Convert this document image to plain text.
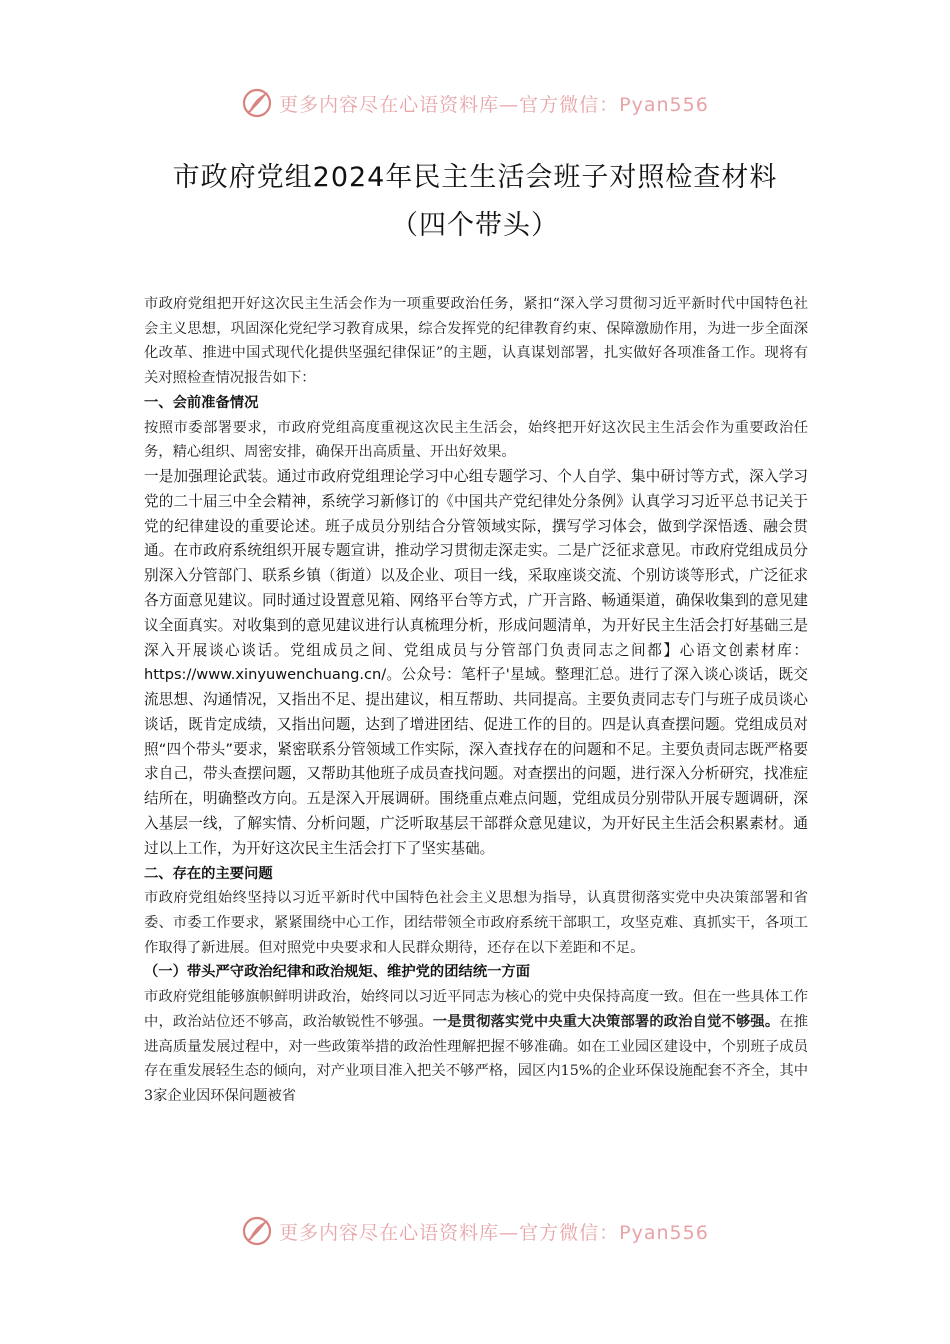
更多内容尽在心语资料库—官方微信：Pyan556
市政府党组2024年民主生活会班子对照检查材料
（四个带头）

市政府党组把开好这次民主生活会作为一项重要政治任务，紧扣“深入学习贯彻习近平新时代中国特色社会主义思想，巩固深化党纪学习教育成果，综合发挥党的纪律教育约束、保障激励作用，为进一步全面深化改革、推进中国式现代化提供坚强纪律保证”的主题，认真谋划部署，扎实做好各项准备工作。现将有关对照检查情况报告如下：

一、会前准备情况

按照市委部署要求，市政府党组高度重视这次民主生活会，始终把开好这次民主生活会作为重要政治任务，精心组织、周密安排，确保开出高质量、开出好效果。

一是加强理论武装。通过市政府党组理论学习中心组专题学习、个人自学、集中研讨等方式，深入学习党的二十届三中全会精神，系统学习新修订的《中国共产党纪律处分条例》认真学习习近平总书记关于党的纪律建设的重要论述。班子成员分别结合分管领域实际，撰写学习体会，做到学深悟透、融会贯通。在市政府系统组织开展专题宣讲，推动学习贯彻走深走实。二是广泛征求意见。市政府党组成员分别深入分管部门、联系乡镇（街道）以及企业、项目一线，采取座谈交流、个别访谈等形式，广泛征求各方面意见建议。同时通过设置意见箱、网络平台等方式，广开言路、畅通渠道，确保收集到的意见建议全面真实。对收集到的意见建议进行认真梳理分析，形成问题清单，为开好民主生活会打好基础三是深入开展谈心谈话。党组成员之间、党组成员与分管部门负责同志之间都】心语文创素材库：https://www.xinyuwenchuang.cn/。公众号：笔杆子'星域。整理汇总。进行了深入谈心谈话，既交流思想、沟通情况，又指出不足、提出建议，相互帮助、共同提高。主要负责同志专门与班子成员谈心谈话，既肯定成绩，又指出问题，达到了增进团结、促进工作的目的。四是认真查摆问题。党组成员对照“四个带头”要求，紧密联系分管领域工作实际，深入查找存在的问题和不足。主要负责同志既严格要求自己，带头查摆问题，又帮助其他班子成员查找问题。对查摆出的问题，进行深入分析研究，找准症结所在，明确整改方向。五是深入开展调研。围绕重点难点问题，党组成员分别带队开展专题调研，深入基层一线，了解实情、分析问题，广泛听取基层干部群众意见建议，为开好民主生活会积累素材。通过以上工作，为开好这次民主生活会打下了坚实基础。

二、存在的主要问题

市政府党组始终坚持以习近平新时代中国特色社会主义思想为指导，认真贯彻落实党中央决策部署和省委、市委工作要求，紧紧围绕中心工作，团结带领全市政府系统干部职工，攻坚克难、真抓实干，各项工作取得了新进展。但对照党中央要求和人民群众期待，还存在以下差距和不足。

（一）带头严守政治纪律和政治规矩、维护党的团结统一方面

市政府党组能够旗帜鲜明讲政治，始终同以习近平同志为核心的党中央保持高度一致。但在一些具体工作中，政治站位还不够高，政治敏锐性不够强。一是贯彻落实党中央重大决策部署的政治自觉不够强。在推进高质量发展过程中，对一些政策举措的政治性理解把握不够准确。如在工业园区建设中，个别班子成员存在重发展轻生态的倾向，对产业项目准入把关不够严格，园区内15%的企业环保设施配套不齐全，其中3家企业因环保问题被省

更多内容尽在心语资料库—官方微信：Pyan556
